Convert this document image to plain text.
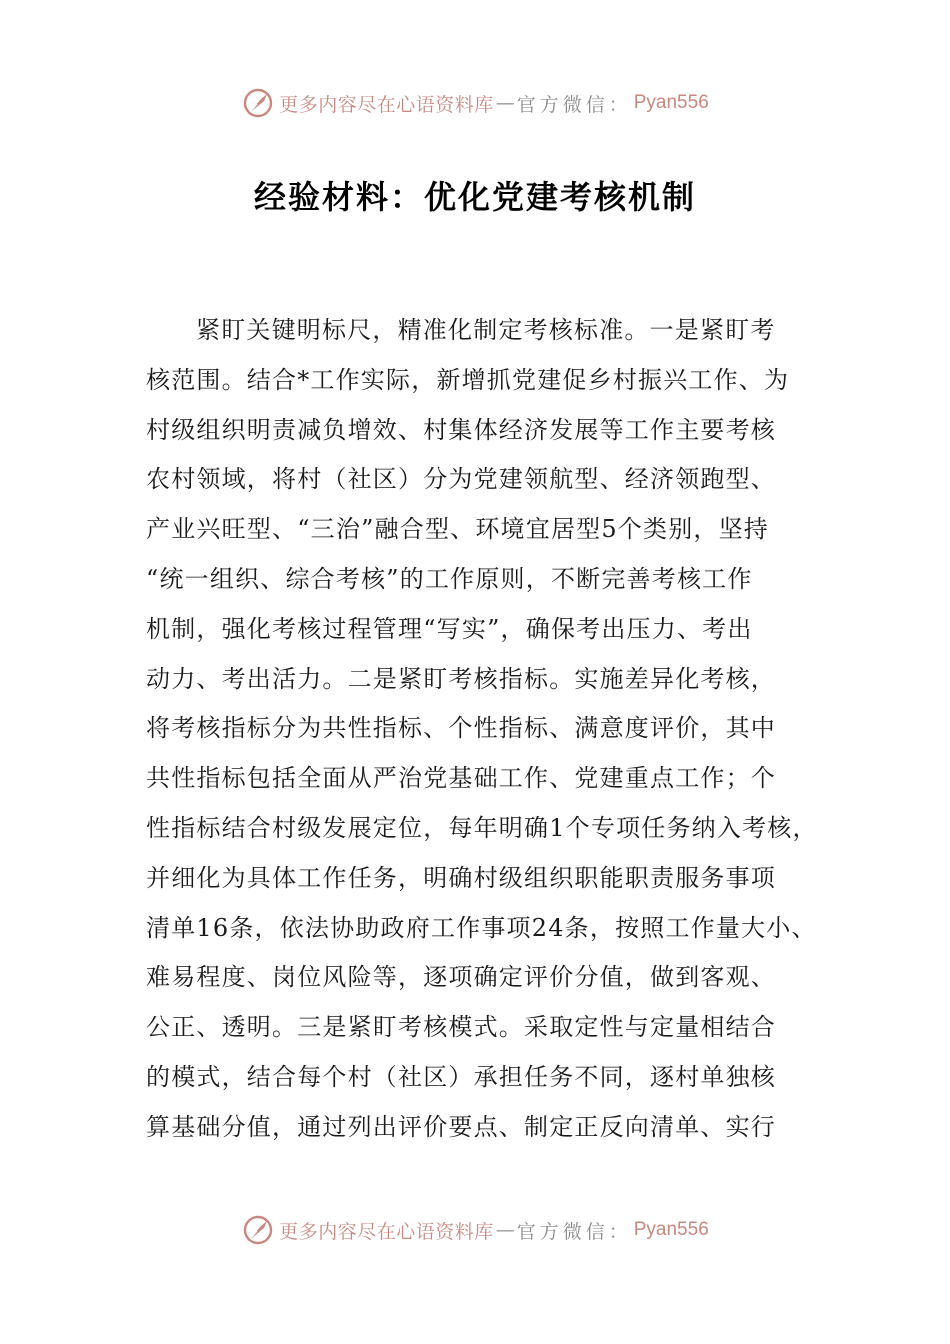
更多内容尽在心语资料库 — 官方微信： Pyan556
经验材料：优化党建考核机制
紧盯关键明标尺，精准化制定考核标准。一是紧盯考
核范围。结合*工作实际，新增抓党建促乡村振兴工作、为
村级组织明责减负增效、村集体经济发展等工作主要考核
农村领域，将村（社区）分为党建领航型、经济领跑型、
产业兴旺型、“三治”融合型、环境宜居型5个类别，坚持
“统一组织、综合考核”的工作原则，不断完善考核工作
机制，强化考核过程管理“写实”，确保考出压力、考出
动力、考出活力。二是紧盯考核指标。实施差异化考核，
将考核指标分为共性指标、个性指标、满意度评价，其中
共性指标包括全面从严治党基础工作、党建重点工作；个
性指标结合村级发展定位，每年明确1个专项任务纳入考核，
并细化为具体工作任务，明确村级组织职能职责服务事项
清单16条，依法协助政府工作事项24条，按照工作量大小、
难易程度、岗位风险等，逐项确定评价分值，做到客观、
公正、透明。三是紧盯考核模式。采取定性与定量相结合
的模式，结合每个村（社区）承担任务不同，逐村单独核
算基础分值，通过列出评价要点、制定正反向清单、实行
更多内容尽在心语资料库 — 官方微信： Pyan556
